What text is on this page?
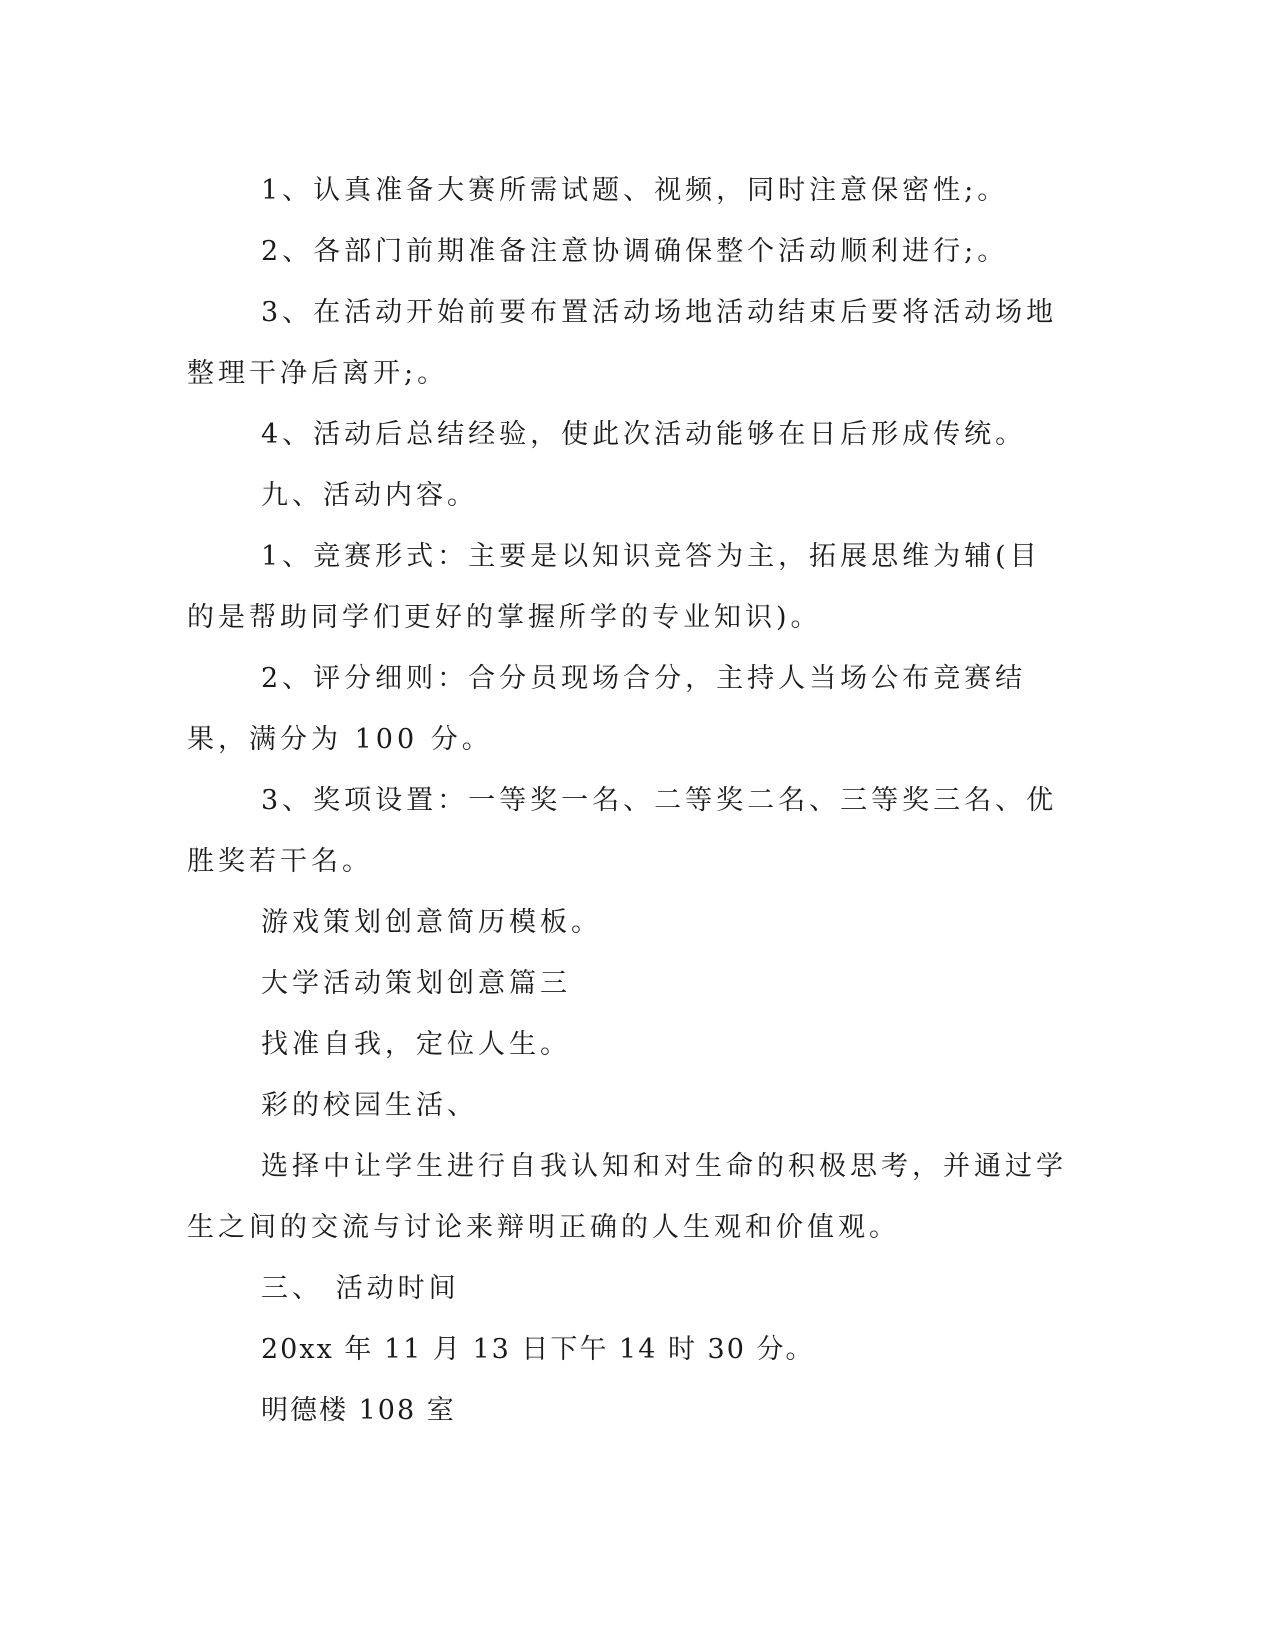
1、认真准备大赛所需试题、视频，同时注意保密性;。

2、各部门前期准备注意协调确保整个活动顺利进行;。

3、在活动开始前要布置活动场地活动结束后要将活动场地整理干净后离开;。

4、活动后总结经验，使此次活动能够在日后形成传统。

九、活动内容。

1、竞赛形式：主要是以知识竞答为主，拓展思维为辅(目的是帮助同学们更好的掌握所学的专业知识)。

2、评分细则：合分员现场合分，主持人当场公布竞赛结果，满分为 100 分。

3、奖项设置：一等奖一名、二等奖二名、三等奖三名、优胜奖若干名。

游戏策划创意简历模板。

大学活动策划创意篇三

找准自我，定位人生。

彩的校园生活、

选择中让学生进行自我认知和对生命的积极思考，并通过学生之间的交流与讨论来辩明正确的人生观和价值观。

三、 活动时间

20xx 年 11 月 13 日下午 14 时 30 分。

明德楼 108 室
